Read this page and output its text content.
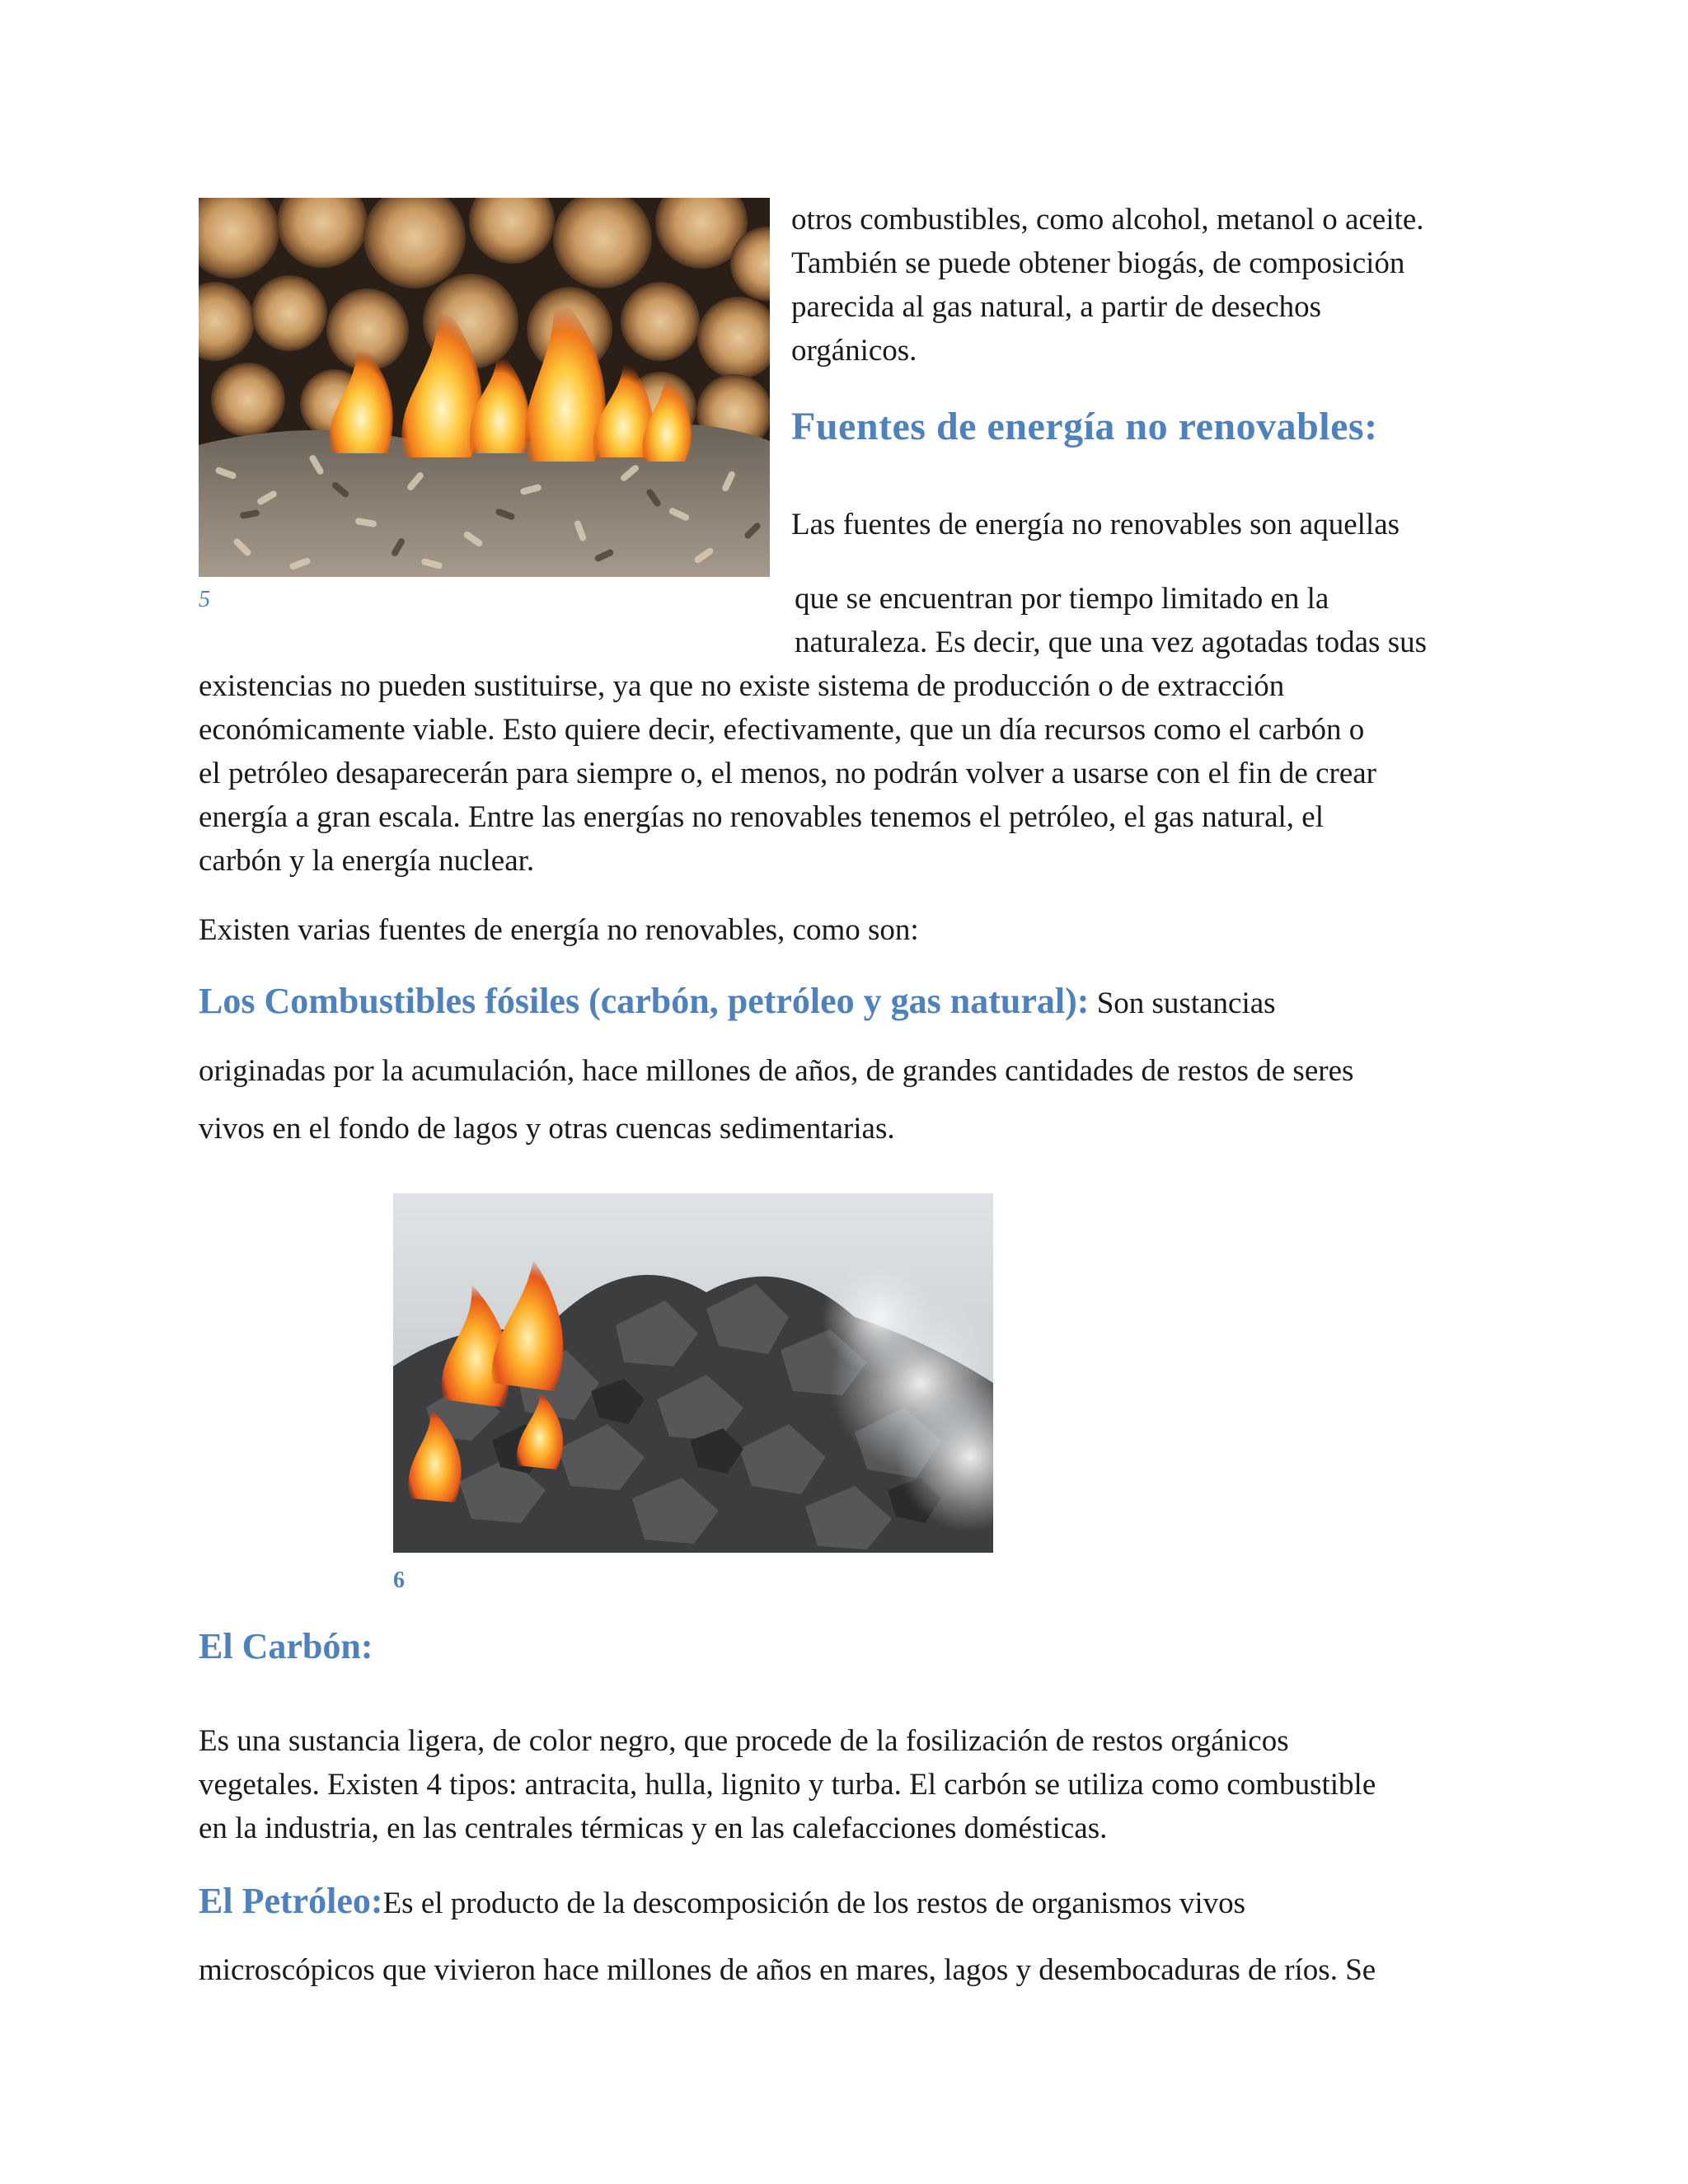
5
otros combustibles, como alcohol, metanol o aceite.
También se puede obtener biogás, de composición
parecida al gas natural, a partir de desechos
orgánicos.
Fuentes de energía no renovables:
Las fuentes de energía no renovables son aquellas
que se encuentran por tiempo limitado en la
naturaleza. Es decir, que una vez agotadas todas sus
existencias no pueden sustituirse, ya que no existe sistema de producción o de extracción
económicamente viable. Esto quiere decir, efectivamente, que un día recursos como el carbón o
el petróleo desaparecerán para siempre o, el menos, no podrán volver a usarse con el fin de crear
energía a gran escala. Entre las energías no renovables tenemos el petróleo, el gas natural, el
carbón y la energía nuclear.
Existen varias fuentes de energía no renovables, como son:
Los Combustibles fósiles (carbón, petróleo y gas natural): Son sustancias
originadas por la acumulación, hace millones de años, de grandes cantidades de restos de seres
vivos en el fondo de lagos y otras cuencas sedimentarias.
6
El Carbón:
Es una sustancia ligera, de color negro, que procede de la fosilización de restos orgánicos
vegetales. Existen 4 tipos: antracita, hulla, lignito y turba. El carbón se utiliza como combustible
en la industria, en las centrales térmicas y en las calefacciones domésticas.
El Petróleo:Es el producto de la descomposición de los restos de organismos vivos
microscópicos que vivieron hace millones de años en mares, lagos y desembocaduras de ríos. Se
